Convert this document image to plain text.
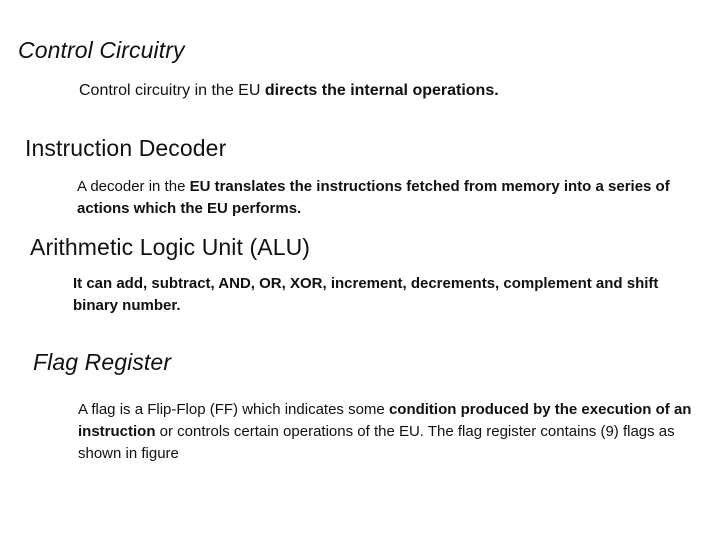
Control Circuitry

Control circuitry in the EU directs the internal operations.

Instruction Decoder

A decoder in the EU translates the instructions fetched from memory into a series of actions which the EU performs.

Arithmetic Logic Unit (ALU)

It can add, subtract, AND, OR, XOR, increment, decrements, complement and shift binary number.

Flag Register

A flag is a Flip-Flop (FF) which indicates some condition produced by the execution of an instruction or controls certain operations of the EU. The flag register contains (9) flags as shown in figure
